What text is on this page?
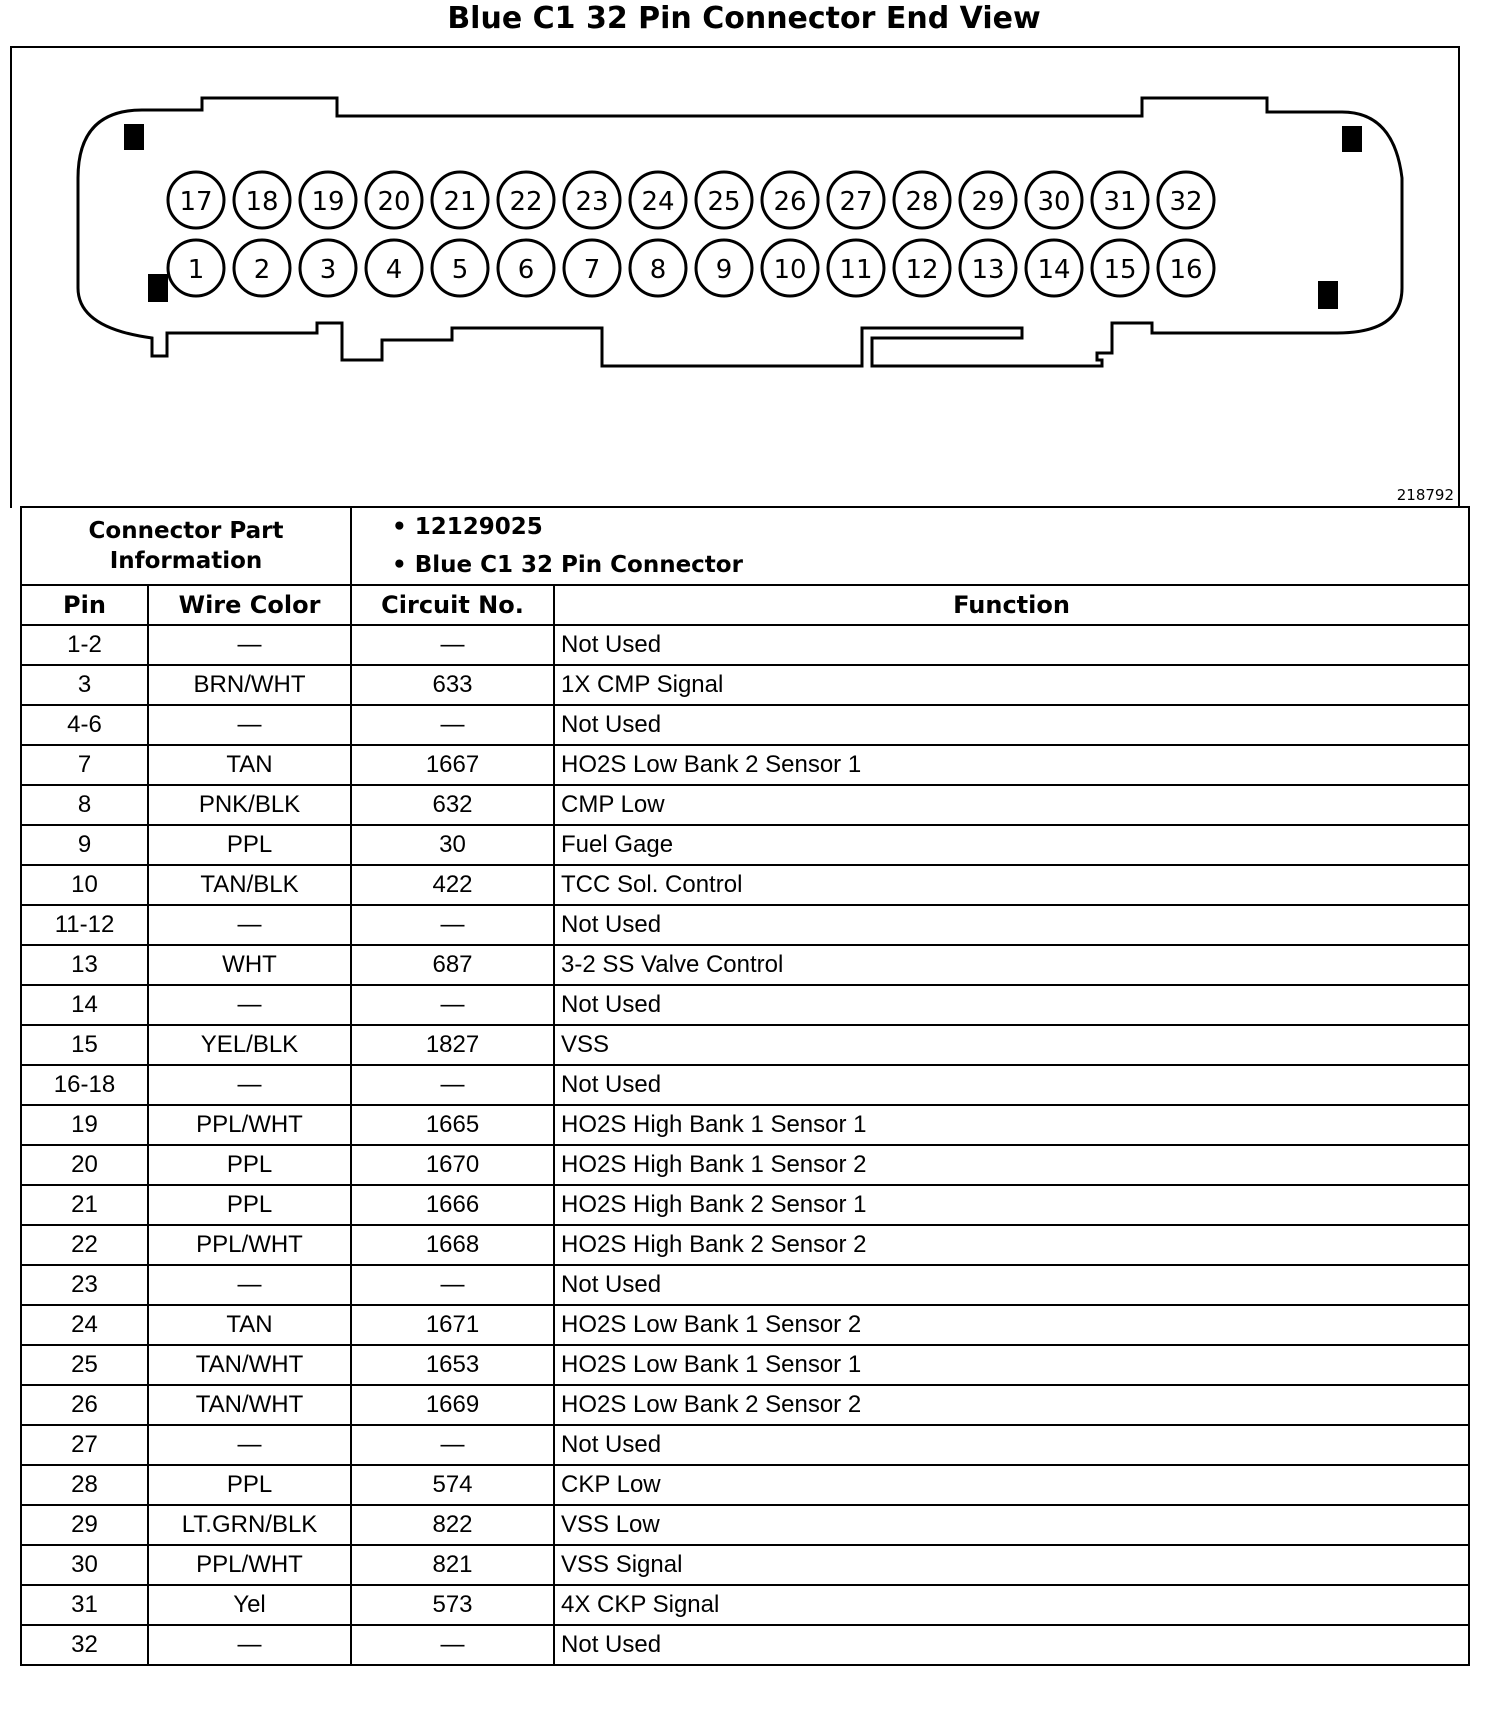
Blue C1 32 Pin Connector End View
17 18 19 20 21 22 23 24 25 26 27 28 29 30 31 32
1 2 3 4 5 6 7 8 9 10 11 12 13 14 15 16
218792
Connector Part Information		• 12129025
• Blue C1 32 Pin Connector	

Pin	Wire Color	Circuit No.	Function
1-2	—	—	Not Used
3	BRN/WHT	633	1X CMP Signal
4-6	—	—	Not Used
7	TAN	1667	HO2S Low Bank 2 Sensor 1
8	PNK/BLK	632	CMP Low
9	PPL	30	Fuel Gage
10	TAN/BLK	422	TCC Sol. Control
11-12	—	—	Not Used
13	WHT	687	3-2 SS Valve Control
14	—	—	Not Used
15	YEL/BLK	1827	VSS
16-18	—	—	Not Used
19	PPL/WHT	1665	HO2S High Bank 1 Sensor 1
20	PPL	1670	HO2S High Bank 1 Sensor 2
21	PPL	1666	HO2S High Bank 2 Sensor 1
22	PPL/WHT	1668	HO2S High Bank 2 Sensor 2
23	—	—	Not Used
24	TAN	1671	HO2S Low Bank 1 Sensor 2
25	TAN/WHT	1653	HO2S Low Bank 1 Sensor 1
26	TAN/WHT	1669	HO2S Low Bank 2 Sensor 2
27	—	—	Not Used
28	PPL	574	CKP Low
29	LT.GRN/BLK	822	VSS Low
30	PPL/WHT	821	VSS Signal
31	Yel	573	4X CKP Signal
32	—	—	Not Used
